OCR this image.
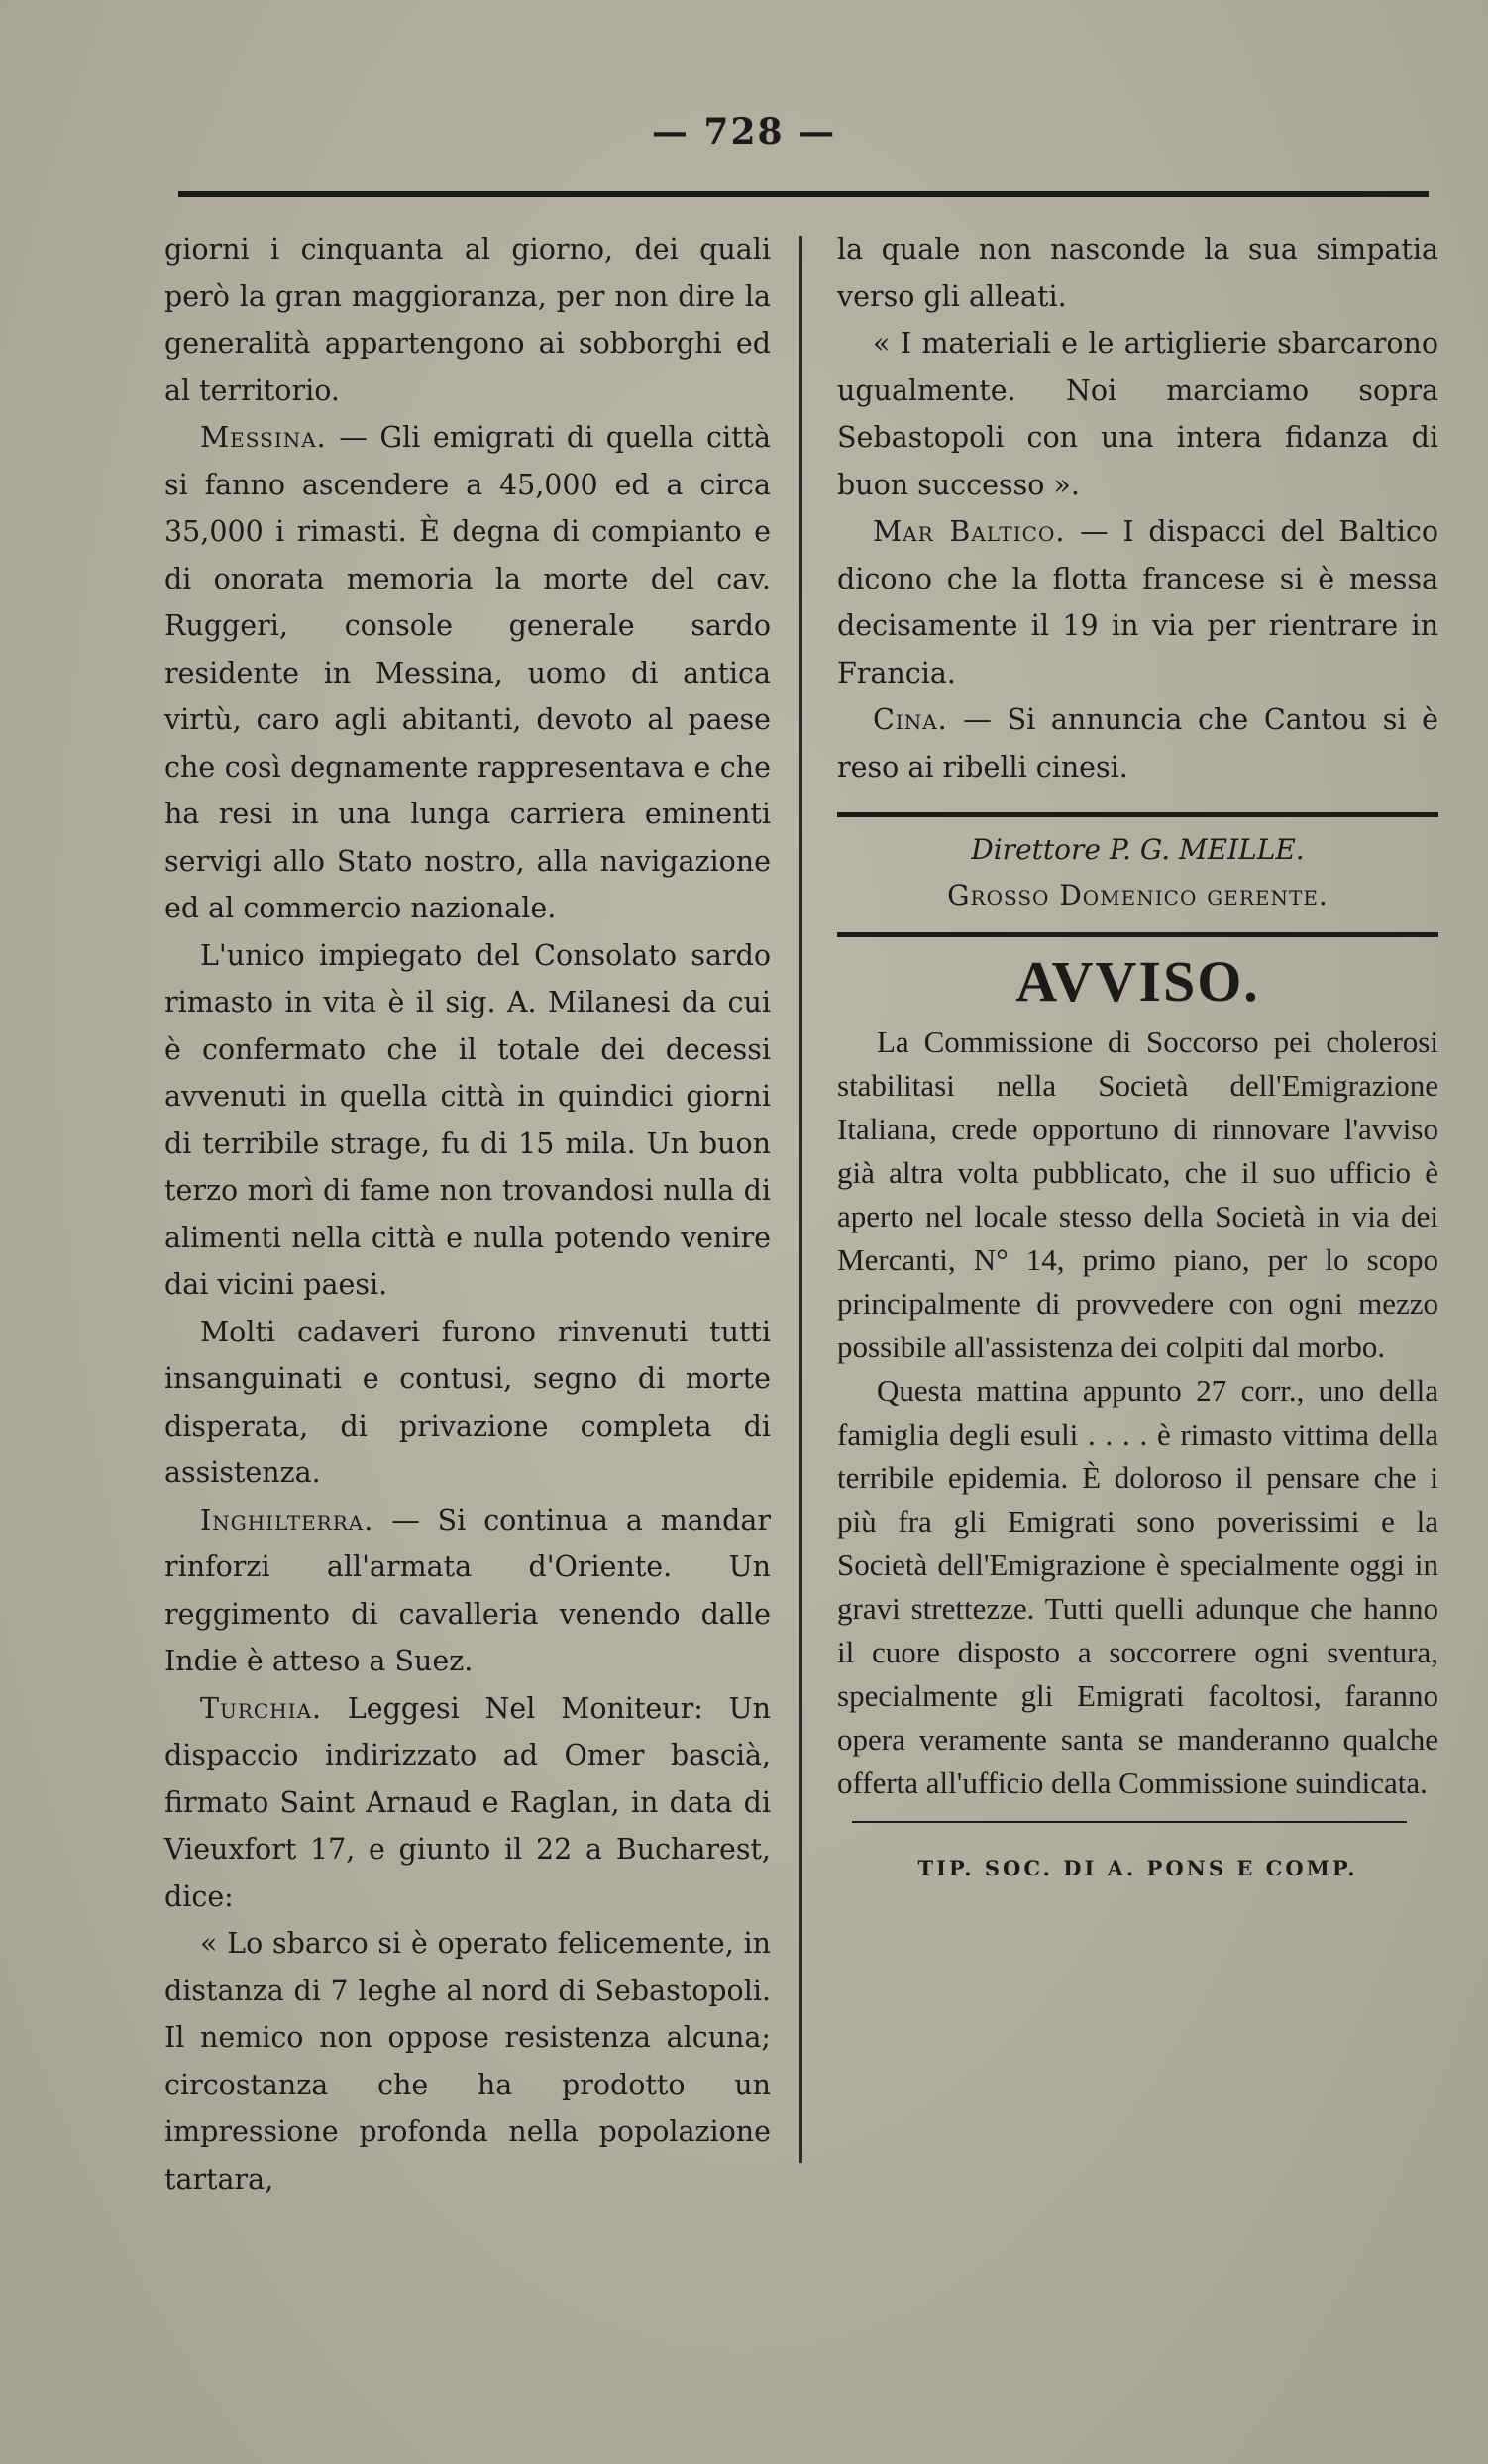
— 728 —

giorni i cinquanta al giorno, dei quali però la gran maggioranza, per non dire la generalità appartengono ai sobborghi ed al territorio.

Messina. — Gli emigrati di quella città si fanno ascendere a 45,000 ed a circa 35,000 i rimasti. È degna di compianto e di onorata memoria la morte del cav. Ruggeri, console generale sardo residente in Messina, uomo di antica virtù, caro agli abitanti, devoto al paese che così degnamente rappresentava e che ha resi in una lunga carriera eminenti servigi allo Stato nostro, alla navigazione ed al commercio nazionale.

L'unico impiegato del Consolato sardo rimasto in vita è il sig. A. Milanesi da cui è confermato che il totale dei decessi avvenuti in quella città in quindici giorni di terribile strage, fu di 15 mila. Un buon terzo morì di fame non trovandosi nulla di alimenti nella città e nulla potendo venire dai vicini paesi.

Molti cadaveri furono rinvenuti tutti insanguinati e contusi, segno di morte disperata, di privazione completa di assistenza.

Inghilterra. — Si continua a mandar rinforzi all'armata d'Oriente. Un reggimento di cavalleria venendo dalle Indie è atteso a Suez.

Turchia. Leggesi Nel Moniteur: Un dispaccio indirizzato ad Omer bascià, firmato Saint Arnaud e Raglan, in data di Vieuxfort 17, e giunto il 22 a Bucharest, dice:

« Lo sbarco si è operato felicemente, in distanza di 7 leghe al nord di Sebastopoli. Il nemico non oppose resistenza alcuna; circostanza che ha prodotto un impressione profonda nella popolazione tartara,

la quale non nasconde la sua simpatia verso gli alleati.

« I materiali e le artiglierie sbarcarono ugualmente. Noi marciamo sopra Sebastopoli con una intera fidanza di buon successo ».

Mar Baltico. — I dispacci del Baltico dicono che la flotta francese si è messa decisamente il 19 in via per rientrare in Francia.

Cina. — Si annuncia che Cantou si è reso ai ribelli cinesi.

Direttore P. G. MEILLE.
Grosso Domenico gerente.
AVVISO.

La Commissione di Soccorso pei cholerosi stabilitasi nella Società dell'Emigrazione Italiana, crede opportuno di rinnovare l'avviso già altra volta pubblicato, che il suo ufficio è aperto nel locale stesso della Società in via dei Mercanti, N° 14, primo piano, per lo scopo principalmente di provvedere con ogni mezzo possibile all'assistenza dei colpiti dal morbo.

Questa mattina appunto 27 corr., uno della famiglia degli esuli . . . . è rimasto vittima della terribile epidemia. È doloroso il pensare che i più fra gli Emigrati sono poverissimi e la Società dell'Emigrazione è specialmente oggi in gravi strettezze. Tutti quelli adunque che hanno il cuore disposto a soccorrere ogni sventura, specialmente gli Emigrati facoltosi, faranno opera veramente santa se manderanno qualche offerta all'ufficio della Commissione suindicata.

TIP. SOC. DI A. PONS E COMP.
